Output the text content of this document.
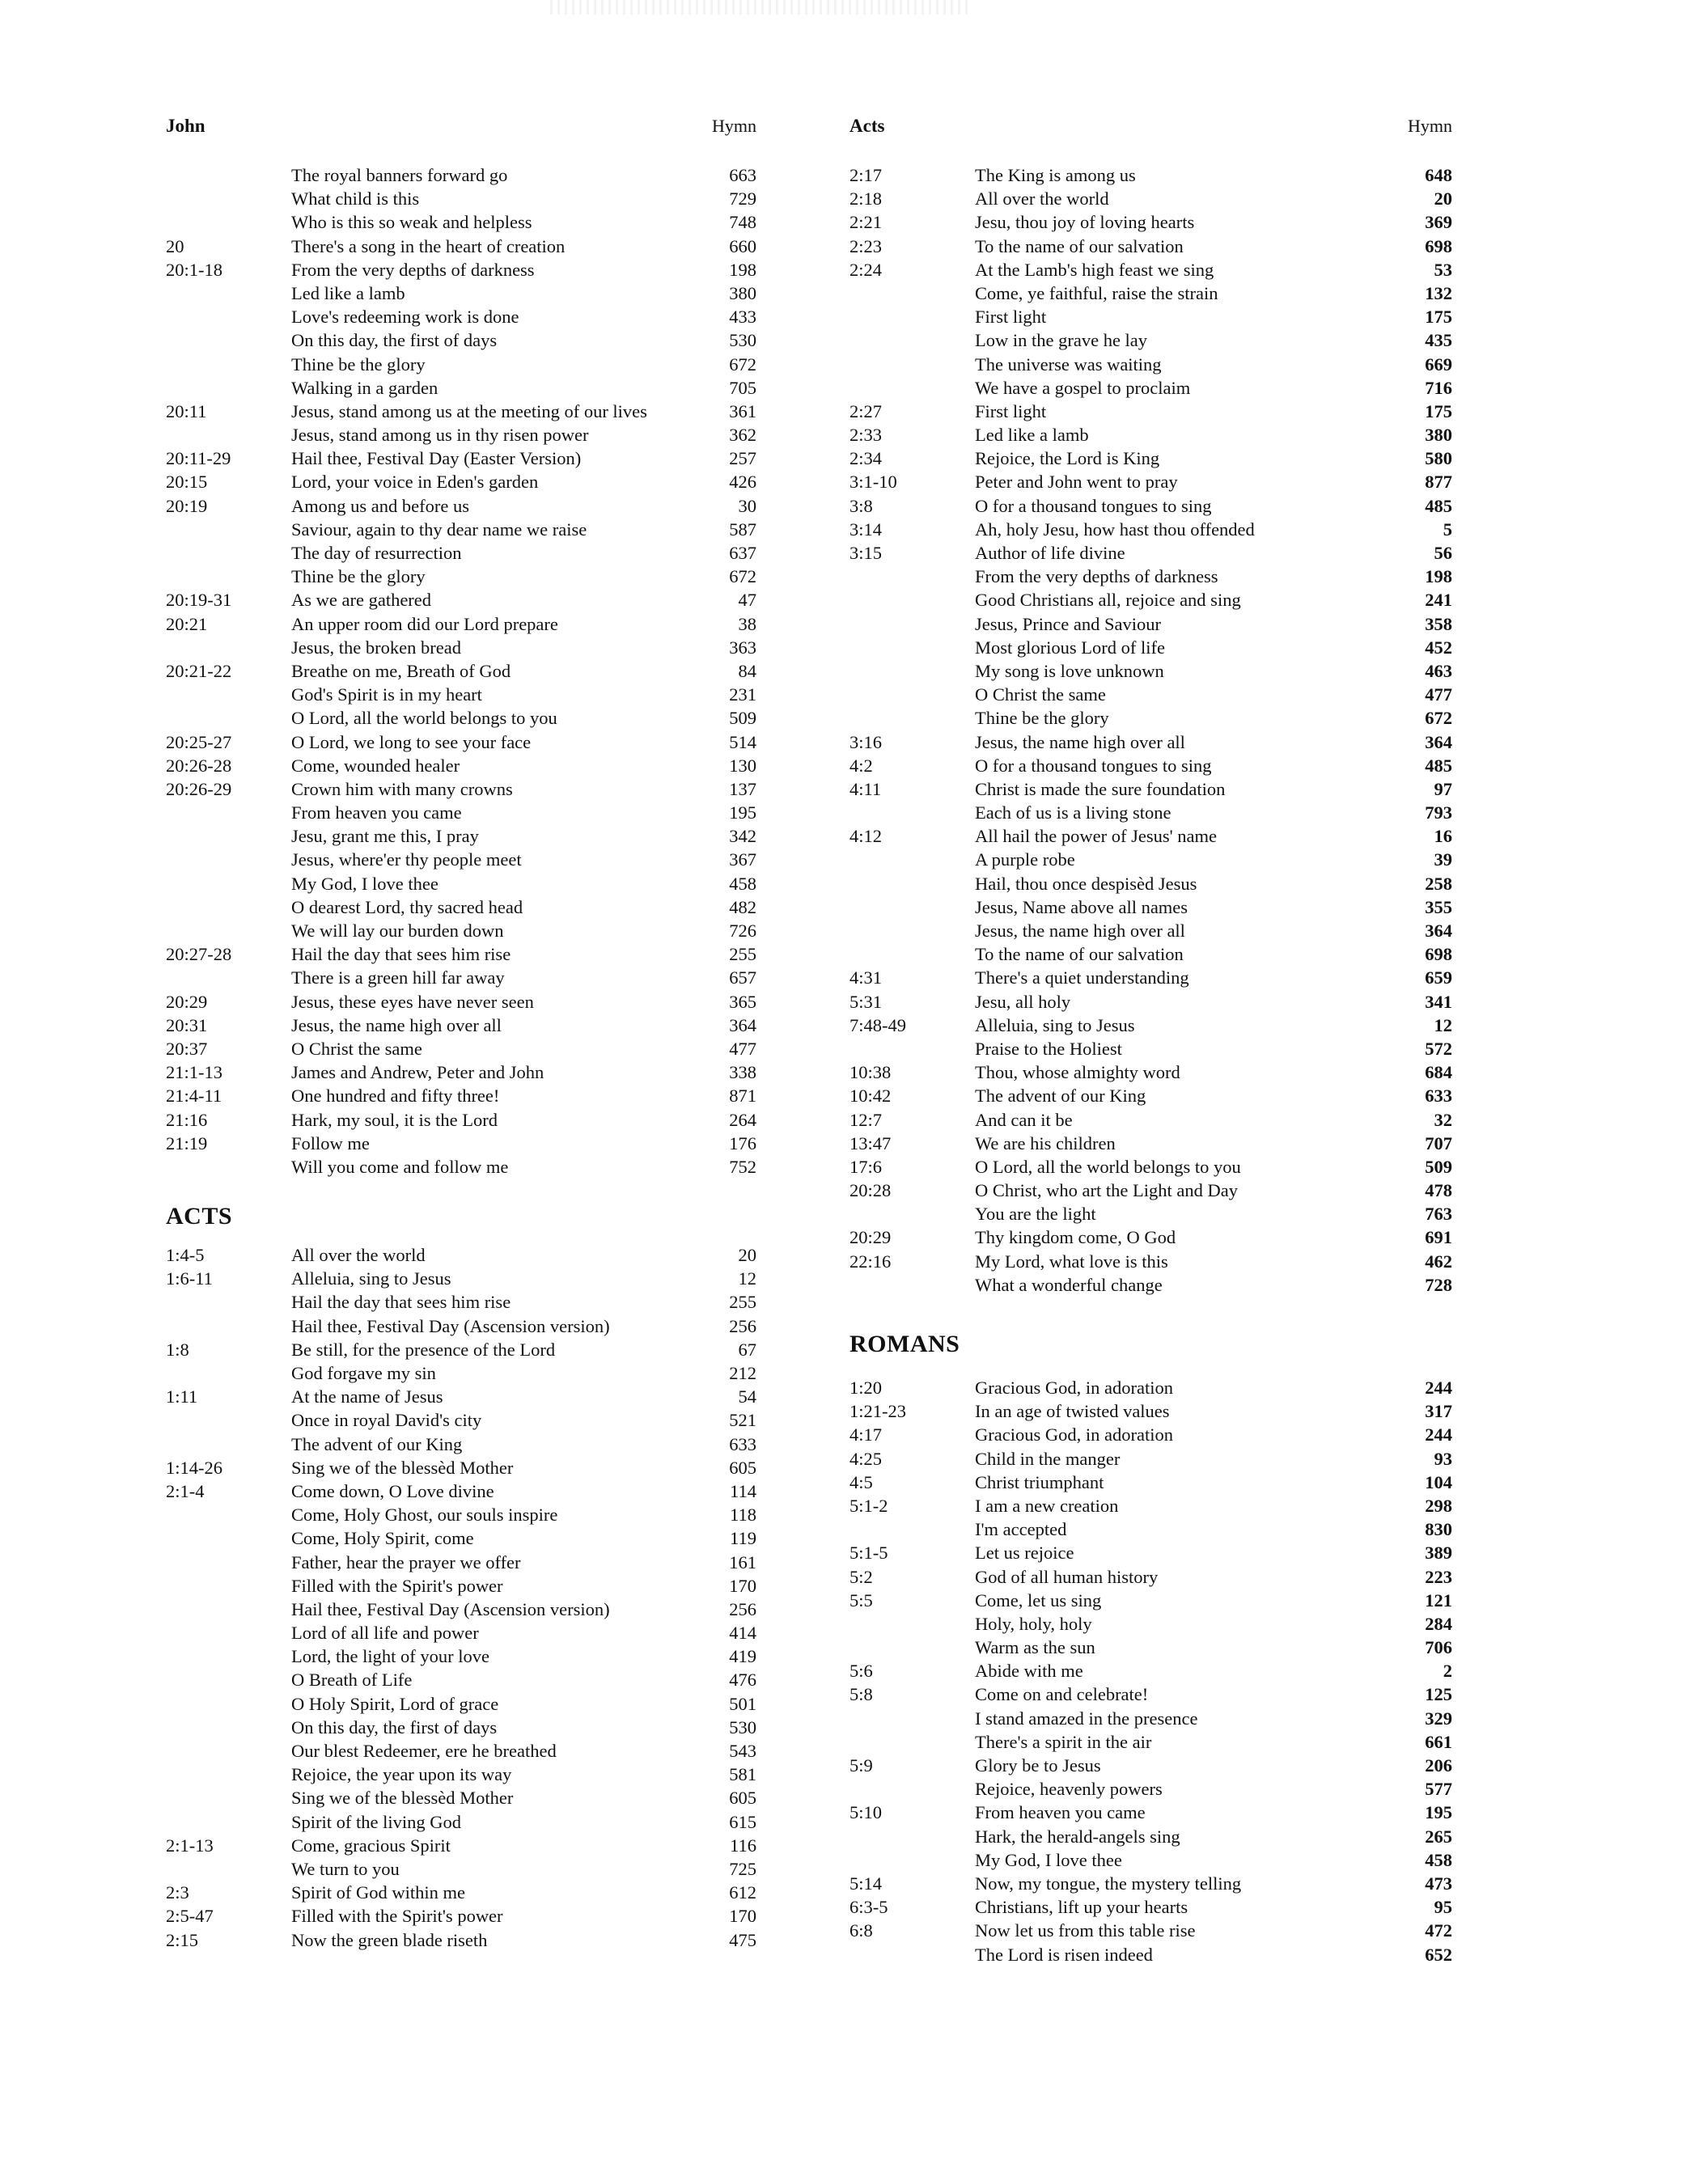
John	Hymn
The royal banners forward go	663
What child is this	729
Who is this so weak and helpless	748
20	There's a song in the heart of creation	660
20:1-18	From the very depths of darkness	198
Led like a lamb	380
Love's redeeming work is done	433
On this day, the first of days	530
Thine be the glory	672
Walking in a garden	705
20:11	Jesus, stand among us at the meeting of our lives	361
Jesus, stand among us in thy risen power	362
20:11-29	Hail thee, Festival Day (Easter Version)	257
20:15	Lord, your voice in Eden's garden	426
20:19	Among us and before us	30
Saviour, again to thy dear name we raise	587
The day of resurrection	637
Thine be the glory	672
20:19-31	As we are gathered	47
20:21	An upper room did our Lord prepare	38
Jesus, the broken bread	363
20:21-22	Breathe on me, Breath of God	84
God's Spirit is in my heart	231
O Lord, all the world belongs to you	509
20:25-27	O Lord, we long to see your face	514
20:26-28	Come, wounded healer	130
20:26-29	Crown him with many crowns	137
From heaven you came	195
Jesu, grant me this, I pray	342
Jesus, where'er thy people meet	367
My God, I love thee	458
O dearest Lord, thy sacred head	482
We will lay our burden down	726
20:27-28	Hail the day that sees him rise	255
There is a green hill far away	657
20:29	Jesus, these eyes have never seen	365
20:31	Jesus, the name high over all	364
20:37	O Christ the same	477
21:1-13	James and Andrew, Peter and John	338
21:4-11	One hundred and fifty three!	871
21:16	Hark, my soul, it is the Lord	264
21:19	Follow me	176
Will you come and follow me	752
ACTS
1:4-5	All over the world	20
1:6-11	Alleluia, sing to Jesus	12
Hail the day that sees him rise	255
Hail thee, Festival Day (Ascension version)	256
1:8	Be still, for the presence of the Lord	67
God forgave my sin	212
1:11	At the name of Jesus	54
Once in royal David's city	521
The advent of our King	633
1:14-26	Sing we of the blessèd Mother	605
2:1-4	Come down, O Love divine	114
Come, Holy Ghost, our souls inspire	118
Come, Holy Spirit, come	119
Father, hear the prayer we offer	161
Filled with the Spirit's power	170
Hail thee, Festival Day (Ascension version)	256
Lord of all life and power	414
Lord, the light of your love	419
O Breath of Life	476
O Holy Spirit, Lord of grace	501
On this day, the first of days	530
Our blest Redeemer, ere he breathed	543
Rejoice, the year upon its way	581
Sing we of the blessèd Mother	605
Spirit of the living God	615
2:1-13	Come, gracious Spirit	116
We turn to you	725
2:3	Spirit of God within me	612
2:5-47	Filled with the Spirit's power	170
2:15	Now the green blade riseth	475
Acts	Hymn
2:17	The King is among us	648
2:18	All over the world	20
2:21	Jesu, thou joy of loving hearts	369
2:23	To the name of our salvation	698
2:24	At the Lamb's high feast we sing	53
Come, ye faithful, raise the strain	132
First light	175
Low in the grave he lay	435
The universe was waiting	669
We have a gospel to proclaim	716
2:27	First light	175
2:33	Led like a lamb	380
2:34	Rejoice, the Lord is King	580
3:1-10	Peter and John went to pray	877
3:8	O for a thousand tongues to sing	485
3:14	Ah, holy Jesu, how hast thou offended	5
3:15	Author of life divine	56
From the very depths of darkness	198
Good Christians all, rejoice and sing	241
Jesus, Prince and Saviour	358
Most glorious Lord of life	452
My song is love unknown	463
O Christ the same	477
Thine be the glory	672
3:16	Jesus, the name high over all	364
4:2	O for a thousand tongues to sing	485
4:11	Christ is made the sure foundation	97
Each of us is a living stone	793
4:12	All hail the power of Jesus' name	16
A purple robe	39
Hail, thou once despisèd Jesus	258
Jesus, Name above all names	355
Jesus, the name high over all	364
To the name of our salvation	698
4:31	There's a quiet understanding	659
5:31	Jesu, all holy	341
7:48-49	Alleluia, sing to Jesus	12
Praise to the Holiest	572
10:38	Thou, whose almighty word	684
10:42	The advent of our King	633
12:7	And can it be	32
13:47	We are his children	707
17:6	O Lord, all the world belongs to you	509
20:28	O Christ, who art the Light and Day	478
You are the light	763
20:29	Thy kingdom come, O God	691
22:16	My Lord, what love is this	462
What a wonderful change	728
ROMANS
1:20	Gracious God, in adoration	244
1:21-23	In an age of twisted values	317
4:17	Gracious God, in adoration	244
4:25	Child in the manger	93
4:5	Christ triumphant	104
5:1-2	I am a new creation	298
I'm accepted	830
5:1-5	Let us rejoice	389
5:2	God of all human history	223
5:5	Come, let us sing	121
Holy, holy, holy	284
Warm as the sun	706
5:6	Abide with me	2
5:8	Come on and celebrate!	125
I stand amazed in the presence	329
There's a spirit in the air	661
5:9	Glory be to Jesus	206
Rejoice, heavenly powers	577
5:10	From heaven you came	195
Hark, the herald-angels sing	265
My God, I love thee	458
5:14	Now, my tongue, the mystery telling	473
6:3-5	Christians, lift up your hearts	95
6:8	Now let us from this table rise	472
The Lord is risen indeed	652
